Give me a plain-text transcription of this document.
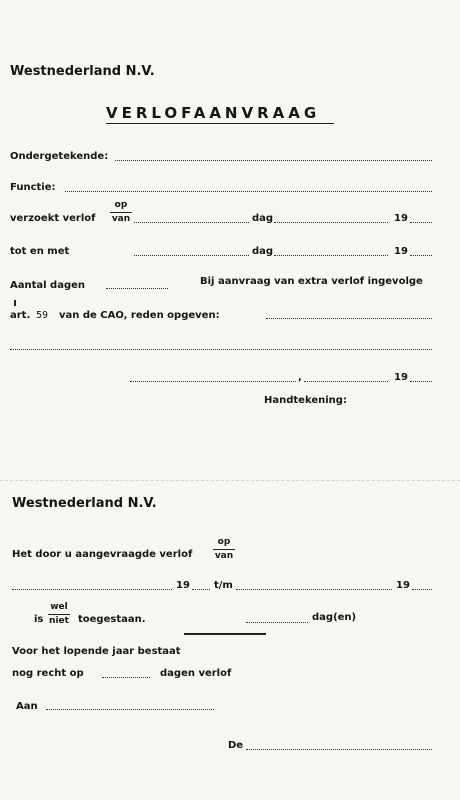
Westnederland N.V.
VERLOFAANVRAAG
Ondergetekende:
Functie:
verzoekt verlof
op
van	dag	19
tot en met	dag	19
Aantal dagen	Bij aanvraag van extra verlof ingevolge
art. 59 van de CAO, reden opgeven:
,	19
Handtekening:
Westnederland N.V.
Het door u aangevraagde verlof
op
van
19 t/m	19
is
wel
niet toegestaan.	dag(en)
Voor het lopende jaar bestaat
nog recht op	dagen verlof
Aan
De
